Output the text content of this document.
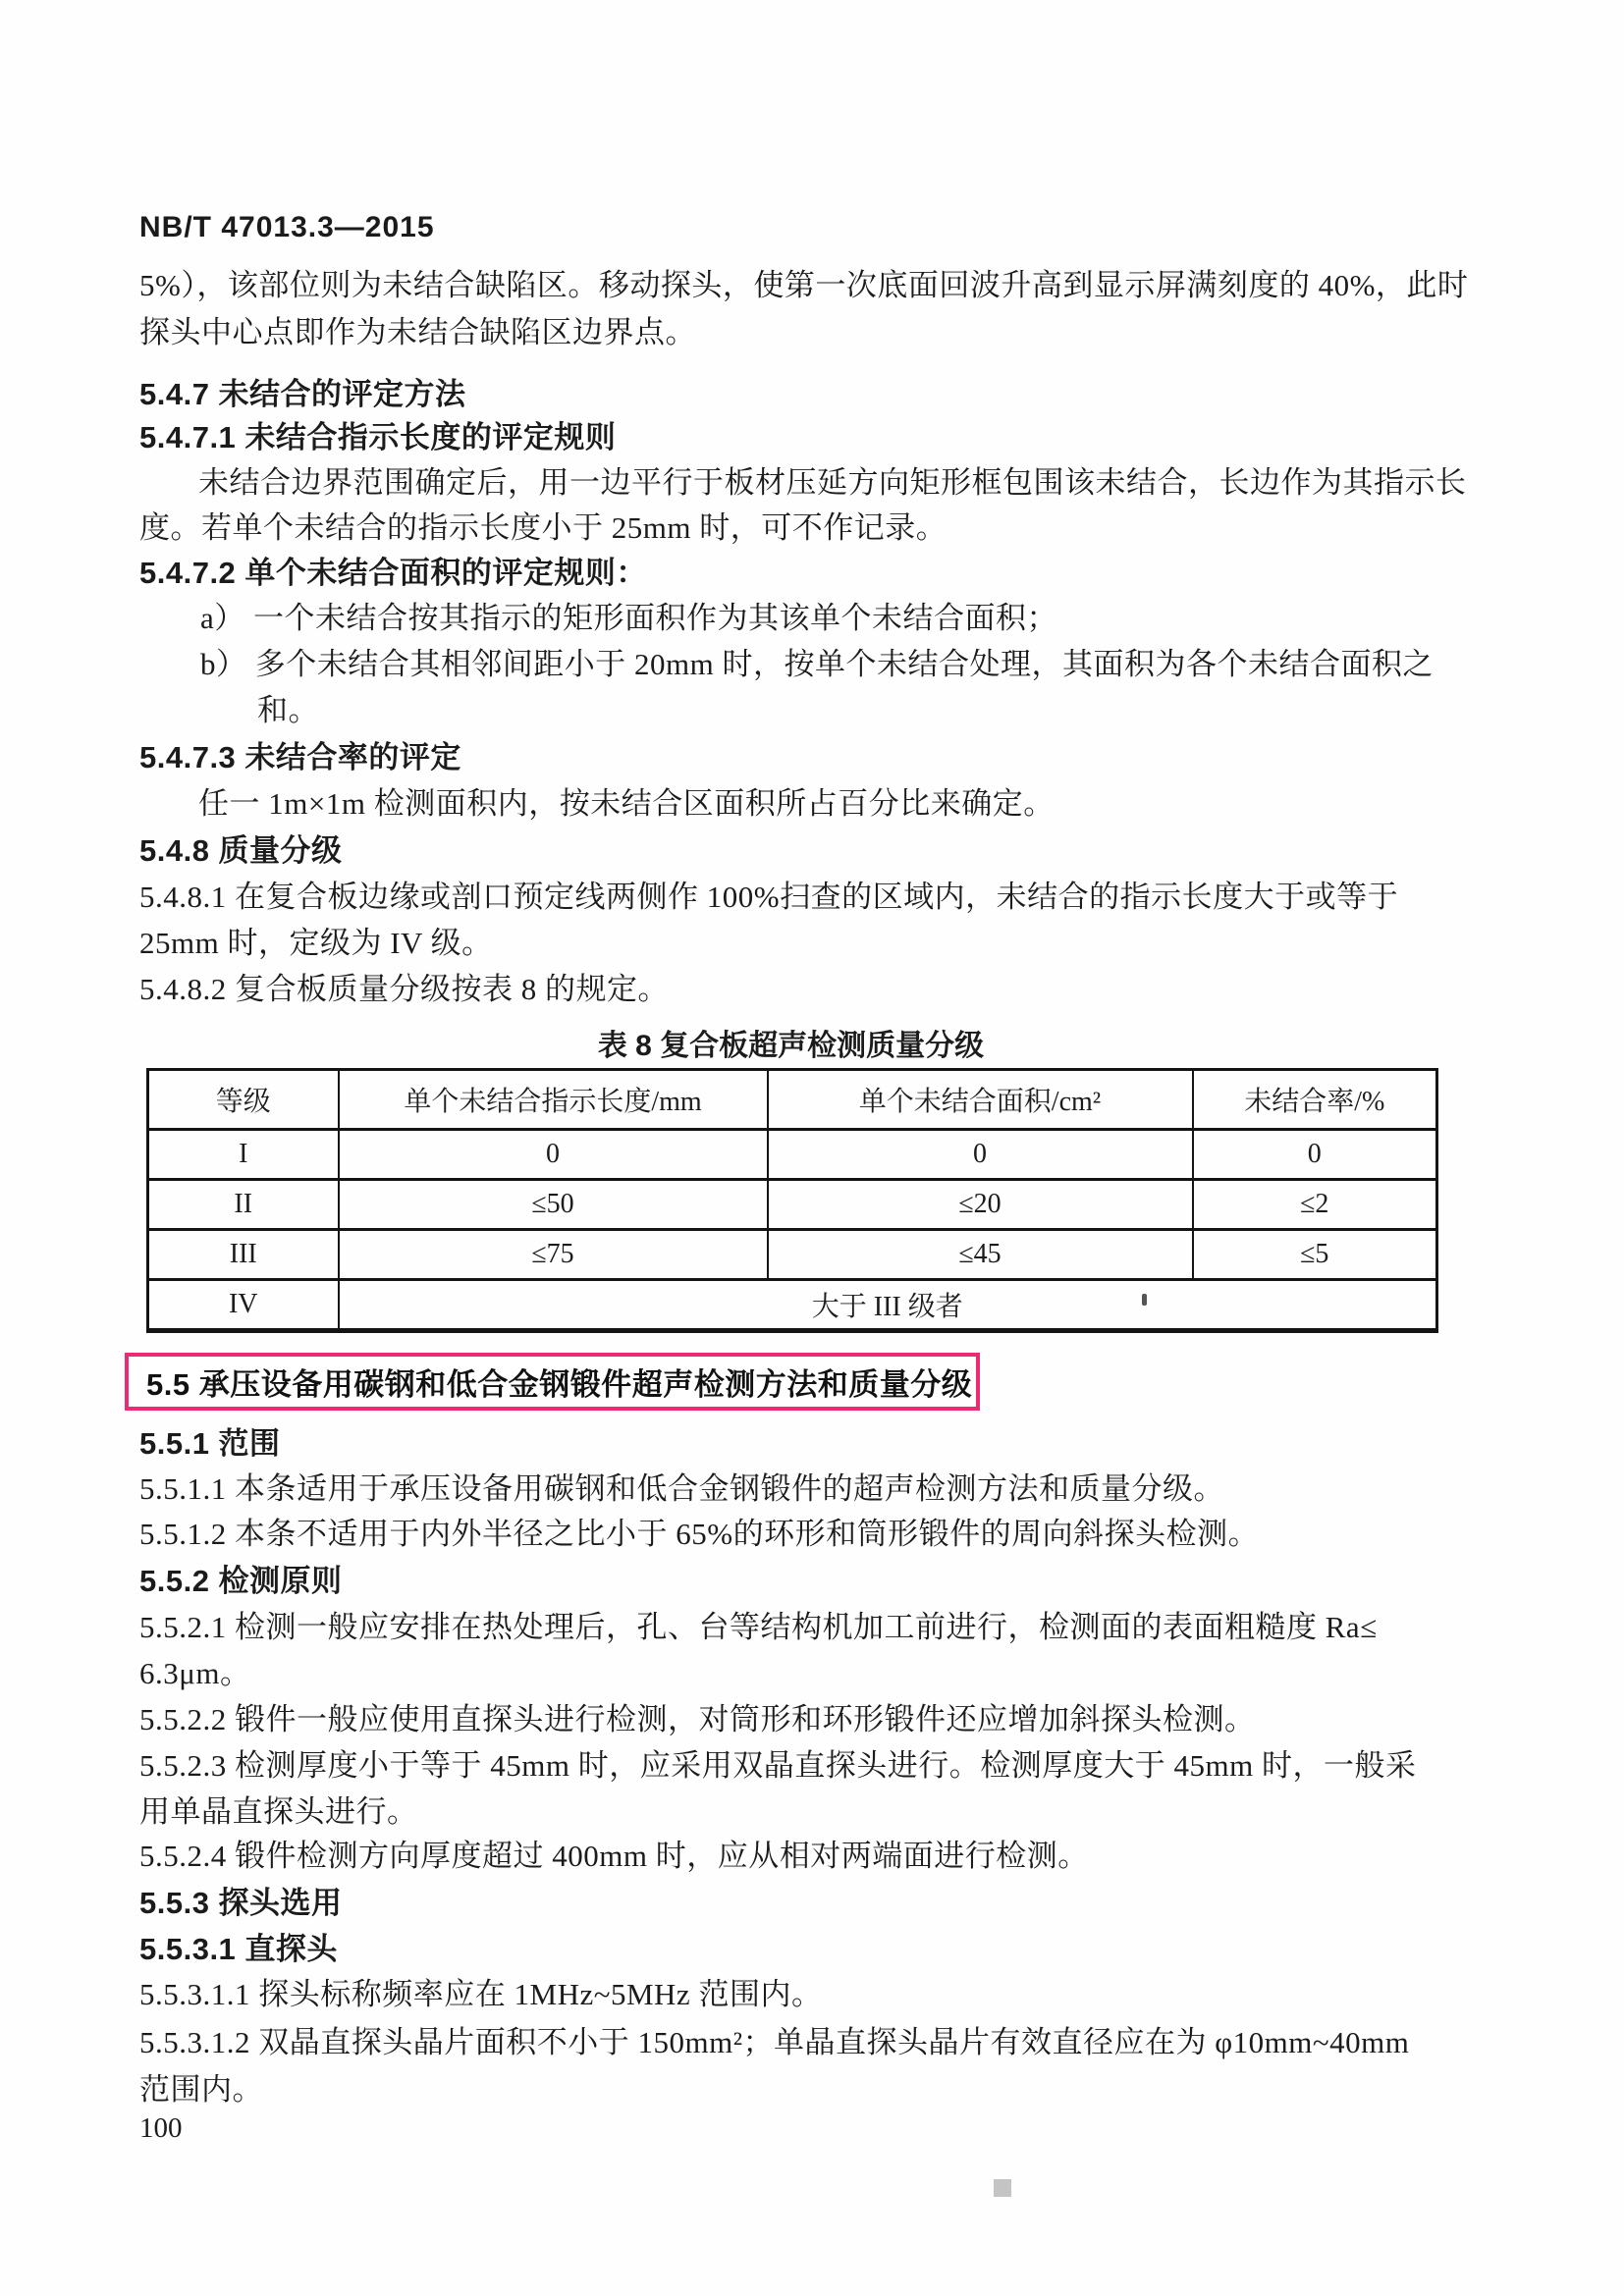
NB/T 47013.3—2015
5%），该部位则为未结合缺陷区。移动探头，使第一次底面回波升高到显示屏满刻度的 40%，此时
探头中心点即作为未结合缺陷区边界点。
5.4.7 未结合的评定方法
5.4.7.1 未结合指示长度的评定规则
未结合边界范围确定后，用一边平行于板材压延方向矩形框包围该未结合，长边作为其指示长
度。若单个未结合的指示长度小于 25mm 时，可不作记录。
5.4.7.2 单个未结合面积的评定规则：
a） 一个未结合按其指示的矩形面积作为其该单个未结合面积；
b） 多个未结合其相邻间距小于 20mm 时，按单个未结合处理，其面积为各个未结合面积之
和。
5.4.7.3 未结合率的评定
任一 1m×1m 检测面积内，按未结合区面积所占百分比来确定。
5.4.8 质量分级
5.4.8.1 在复合板边缘或剖口预定线两侧作 100%扫查的区域内，未结合的指示长度大于或等于
25mm 时，定级为 IV 级。
5.4.8.2 复合板质量分级按表 8 的规定。
表 8 复合板超声检测质量分级
等级	单个未结合指示长度/mm	单个未结合面积/cm²	未结合率/%
I	0	0	0
II	≤50	≤20	≤2
III	≤75	≤45	≤5
IV	大于 III 级者		
5.5 承压设备用碳钢和低合金钢锻件超声检测方法和质量分级
5.5.1 范围
5.5.1.1 本条适用于承压设备用碳钢和低合金钢锻件的超声检测方法和质量分级。
5.5.1.2 本条不适用于内外半径之比小于 65%的环形和筒形锻件的周向斜探头检测。
5.5.2 检测原则
5.5.2.1 检测一般应安排在热处理后，孔、台等结构机加工前进行，检测面的表面粗糙度 Ra≤
6.3μm。
5.5.2.2 锻件一般应使用直探头进行检测，对筒形和环形锻件还应增加斜探头检测。
5.5.2.3 检测厚度小于等于 45mm 时，应采用双晶直探头进行。检测厚度大于 45mm 时，一般采
用单晶直探头进行。
5.5.2.4 锻件检测方向厚度超过 400mm 时，应从相对两端面进行检测。
5.5.3 探头选用
5.5.3.1 直探头
5.5.3.1.1 探头标称频率应在 1MHz~5MHz 范围内。
5.5.3.1.2 双晶直探头晶片面积不小于 150mm²；单晶直探头晶片有效直径应在为 φ10mm~40mm
范围内。
100
